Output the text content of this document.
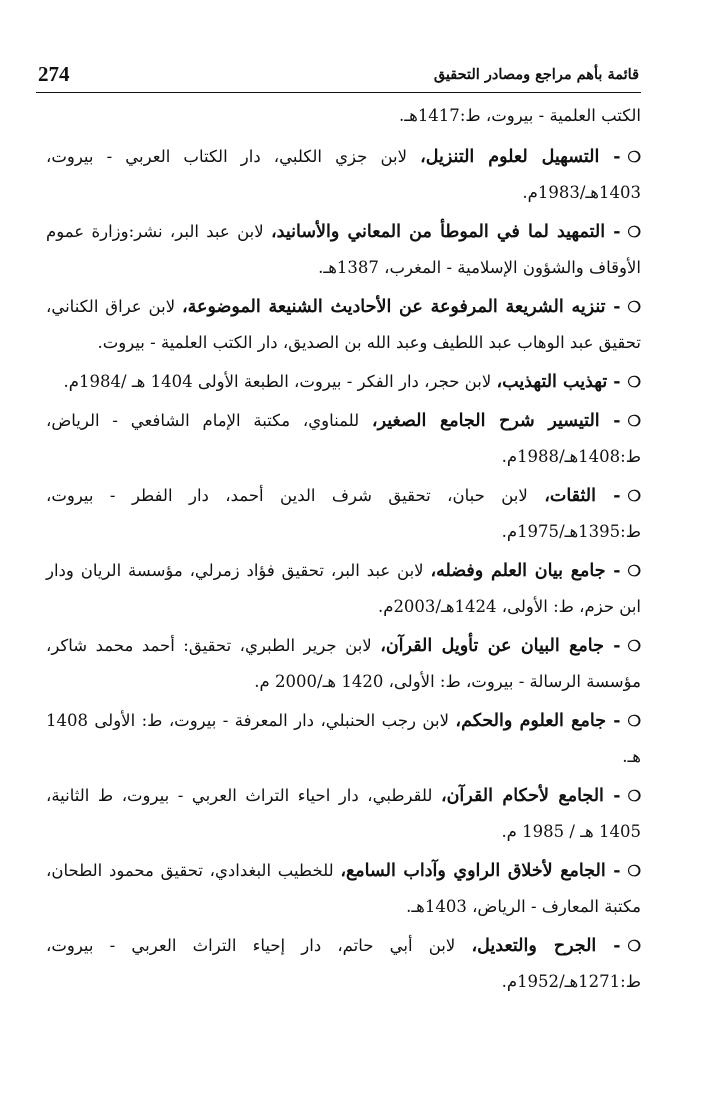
274	قائمة بأهم مراجع ومصادر التحقيق

الكتب العلمية - بيروت، ط:1417هـ.

❍- التسهيل لعلوم التنزيل، لابن جزي الكلبي، دار الكتاب العربي - بيروت، 1403هـ/1983م.

❍- التمهيد لما في الموطأ من المعاني والأسانيد، لابن عبد البر، نشر:وزارة عموم الأوقاف والشؤون الإسلامية - المغرب، 1387هـ.

❍- تنزيه الشريعة المرفوعة عن الأحاديث الشنيعة الموضوعة، لابن عراق الكناني، تحقيق عبد الوهاب عبد اللطيف وعبد الله بن الصديق، دار الكتب العلمية - بيروت.

❍- تهذيب التهذيب، لابن حجر، دار الفكر - بيروت، الطبعة الأولى 1404 هـ /1984م.

❍- التيسير شرح الجامع الصغير، للمناوي، مكتبة الإمام الشافعي - الرياض، ط:1408هـ/1988م.

❍- الثقات، لابن حبان، تحقيق شرف الدين أحمد، دار الفطر - بيروت، ط:1395هـ/1975م.

❍- جامع بيان العلم وفضله، لابن عبد البر، تحقيق فؤاد زمرلي، مؤسسة الريان ودار ابن حزم، ط: الأولى، 1424هـ/2003م.

❍- جامع البيان عن تأويل القرآن، لابن جرير الطبري، تحقيق: أحمد محمد شاكر، مؤسسة الرسالة - بيروت، ط: الأولى، 1420 هـ/2000 م.

❍- جامع العلوم والحكم، لابن رجب الحنبلي، دار المعرفة - بيروت، ط: الأولى 1408 هـ.

❍- الجامع لأحكام القرآن، للقرطبي، دار احياء التراث العربي - بيروت، ط الثانية، 1405 هـ / 1985 م.

❍- الجامع لأخلاق الراوي وآداب السامع، للخطيب البغدادي، تحقيق محمود الطحان، مكتبة المعارف - الرياض، 1403هـ.

❍- الجرح والتعديل، لابن أبي حاتم، دار إحياء التراث العربي - بيروت، ط:1271هـ/1952م.
